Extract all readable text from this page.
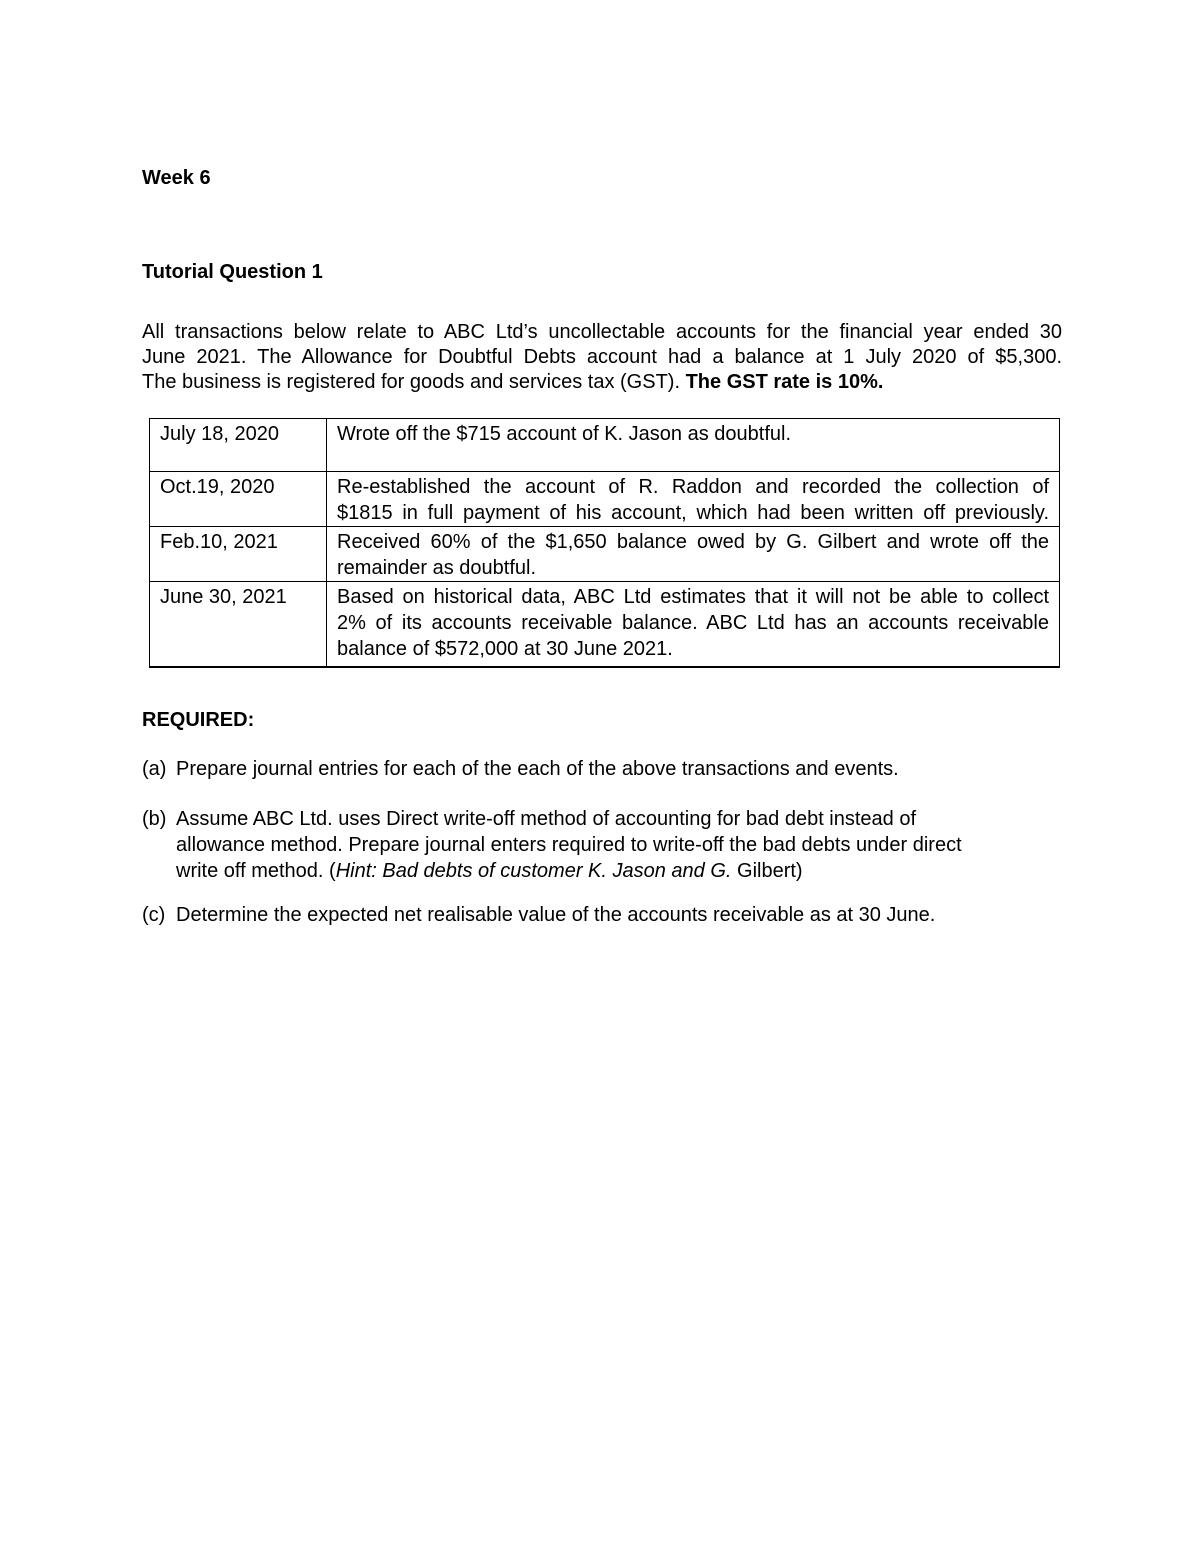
Week 6

Tutorial Question 1

All transactions below relate to ABC Ltd’s uncollectable accounts for the financial year ended 30
June 2021. The Allowance for Doubtful Debts account had a balance at 1 July 2020 of $5,300.
The business is registered for goods and services tax (GST). The GST rate is 10%.

July 18, 2020	Wrote off the $715 account of K. Jason as doubtful.

Oct.19, 2020	Re-established the account of R. Raddon and recorded the collection of
$1815 in full payment of his account, which had been written off previously.

Feb.10, 2021	Received 60% of the $1,650 balance owed by G. Gilbert and wrote off the
remainder as doubtful.

June 30, 2021	Based on historical data, ABC Ltd estimates that it will not be able to collect
2% of its accounts receivable balance. ABC Ltd has an accounts receivable
balance of $572,000 at 30 June 2021.

REQUIRED:

(a) Prepare journal entries for each of the each of the above transactions and events.
(b) Assume ABC Ltd. uses Direct write-off method of accounting for bad debt instead of
allowance method. Prepare journal enters required to write-off the bad debts under direct
write off method. (Hint: Bad debts of customer K. Jason and G. Gilbert)
(c) Determine the expected net realisable value of the accounts receivable as at 30 June.
